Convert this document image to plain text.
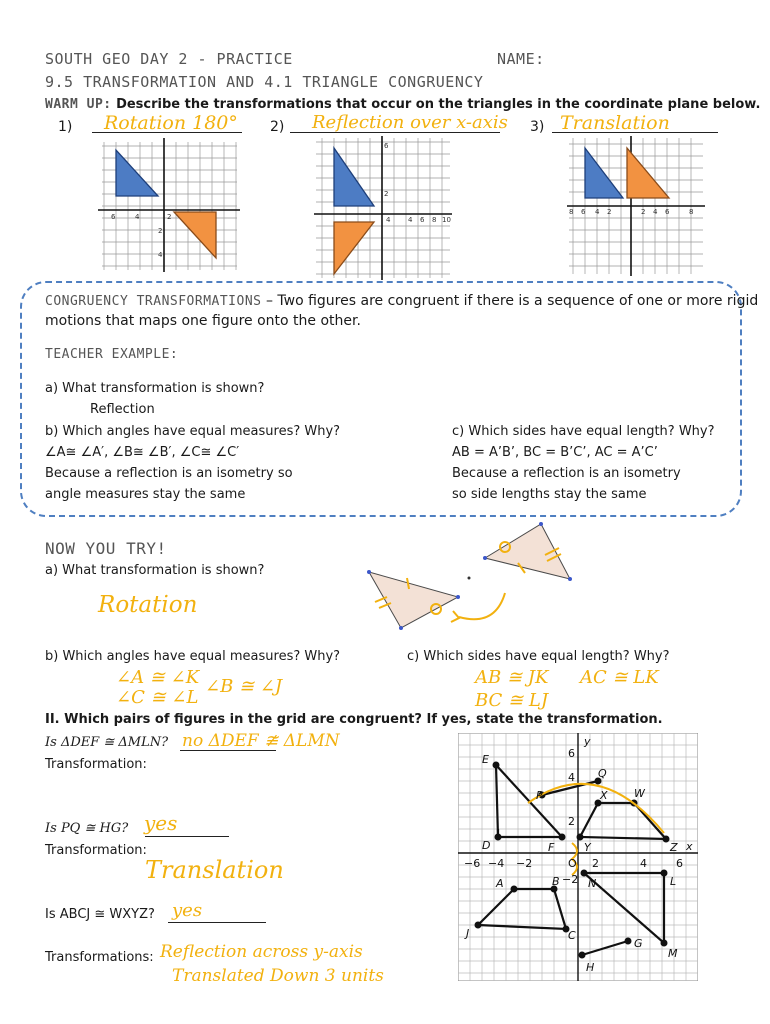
SOUTH GEO DAY 2 - PRACTICE	NAME:
9.5 TRANSFORMATION AND 4.1 TRIANGLE CONGRUENCY
WARM UP: Describe the transformations that occur on the triangles in the coordinate plane below.
1) Rotation 180° 2) Reflection over x-axis 3) Translation
6	4	2
2
4
6
2
4	4 6 8 10
8 6 4 2	2 4 6	8
CONGRUENCY TRANSFORMATIONS – Two figures are congruent if there is a sequence of one or more rigid
motions that maps one figure onto the other.
TEACHER EXAMPLE:
a) What transformation is shown?
Reflection
b) Which angles have equal measures? Why?
∠A≅ ∠A′, ∠B≅ ∠B′, ∠C≅ ∠C′
Because a reflection is an isometry so
angle measures stay the same
c) Which sides have equal length? Why?
AB = A’B’, BC = B’C’, AC = A’C’
Because a reflection is an isometry
so side lengths stay the same
NOW YOU TRY!
a) What transformation is shown?
Rotation
b) Which angles have equal measures? Why?
∠A ≅ ∠K ∠B ≅ ∠J
∠C ≅ ∠L
c) Which sides have equal length? Why?
AB ≅ JK AC ≅ LK
BC ≅ LJ
II. Which pairs of figures in the grid are congruent? If yes, state the transformation.
Is ΔDEF ≅ ΔMLN? no ΔDEF ≇ ΔLMN
Transformation:
Is PQ ≅ HG? yes
Transformation:
Translation
Is ABCJ ≅ WXYZ? yes
Transformations: Reflection across y-axis
Translated Down 3 units
y
x
6
4
2
−2
−6 −4 −2	O 2	4	6
E
Q
P	X W
D	F	Y	Z
A	B	N	L
J	C
G
M
H
